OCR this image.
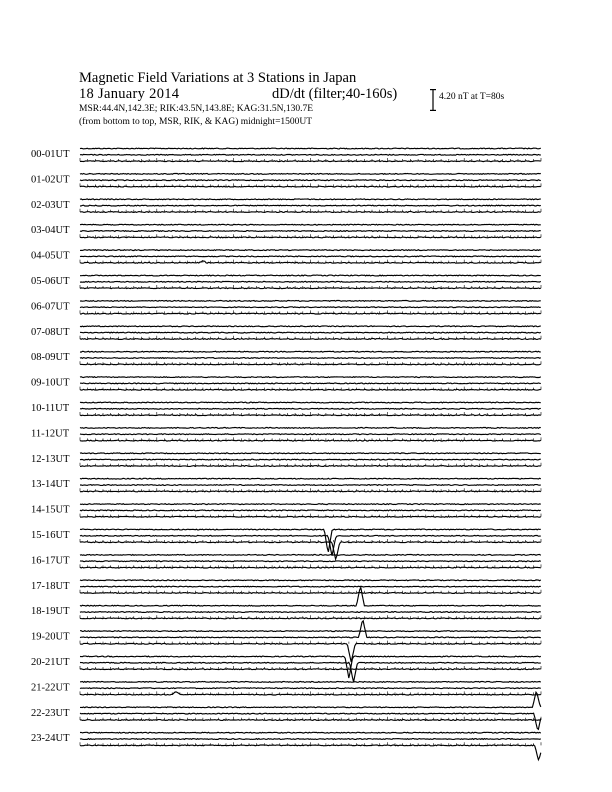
Magnetic Field Variations at 3 Stations in Japan
18 January 2014	dD/dt (filter;40-160s)
MSR:44.4N,142.3E; RIK:43.5N,143.8E; KAG:31.5N,130.7E
(from bottom to top, MSR, RIK, & KAG) midnight=1500UT
4.20 nT at T=80s
00-01UT
01-02UT
02-03UT
03-04UT
04-05UT
05-06UT
06-07UT
07-08UT
08-09UT
09-10UT
10-11UT
11-12UT
12-13UT
13-14UT
14-15UT
15-16UT
16-17UT
17-18UT
18-19UT
19-20UT
20-21UT
21-22UT
22-23UT
23-24UT
